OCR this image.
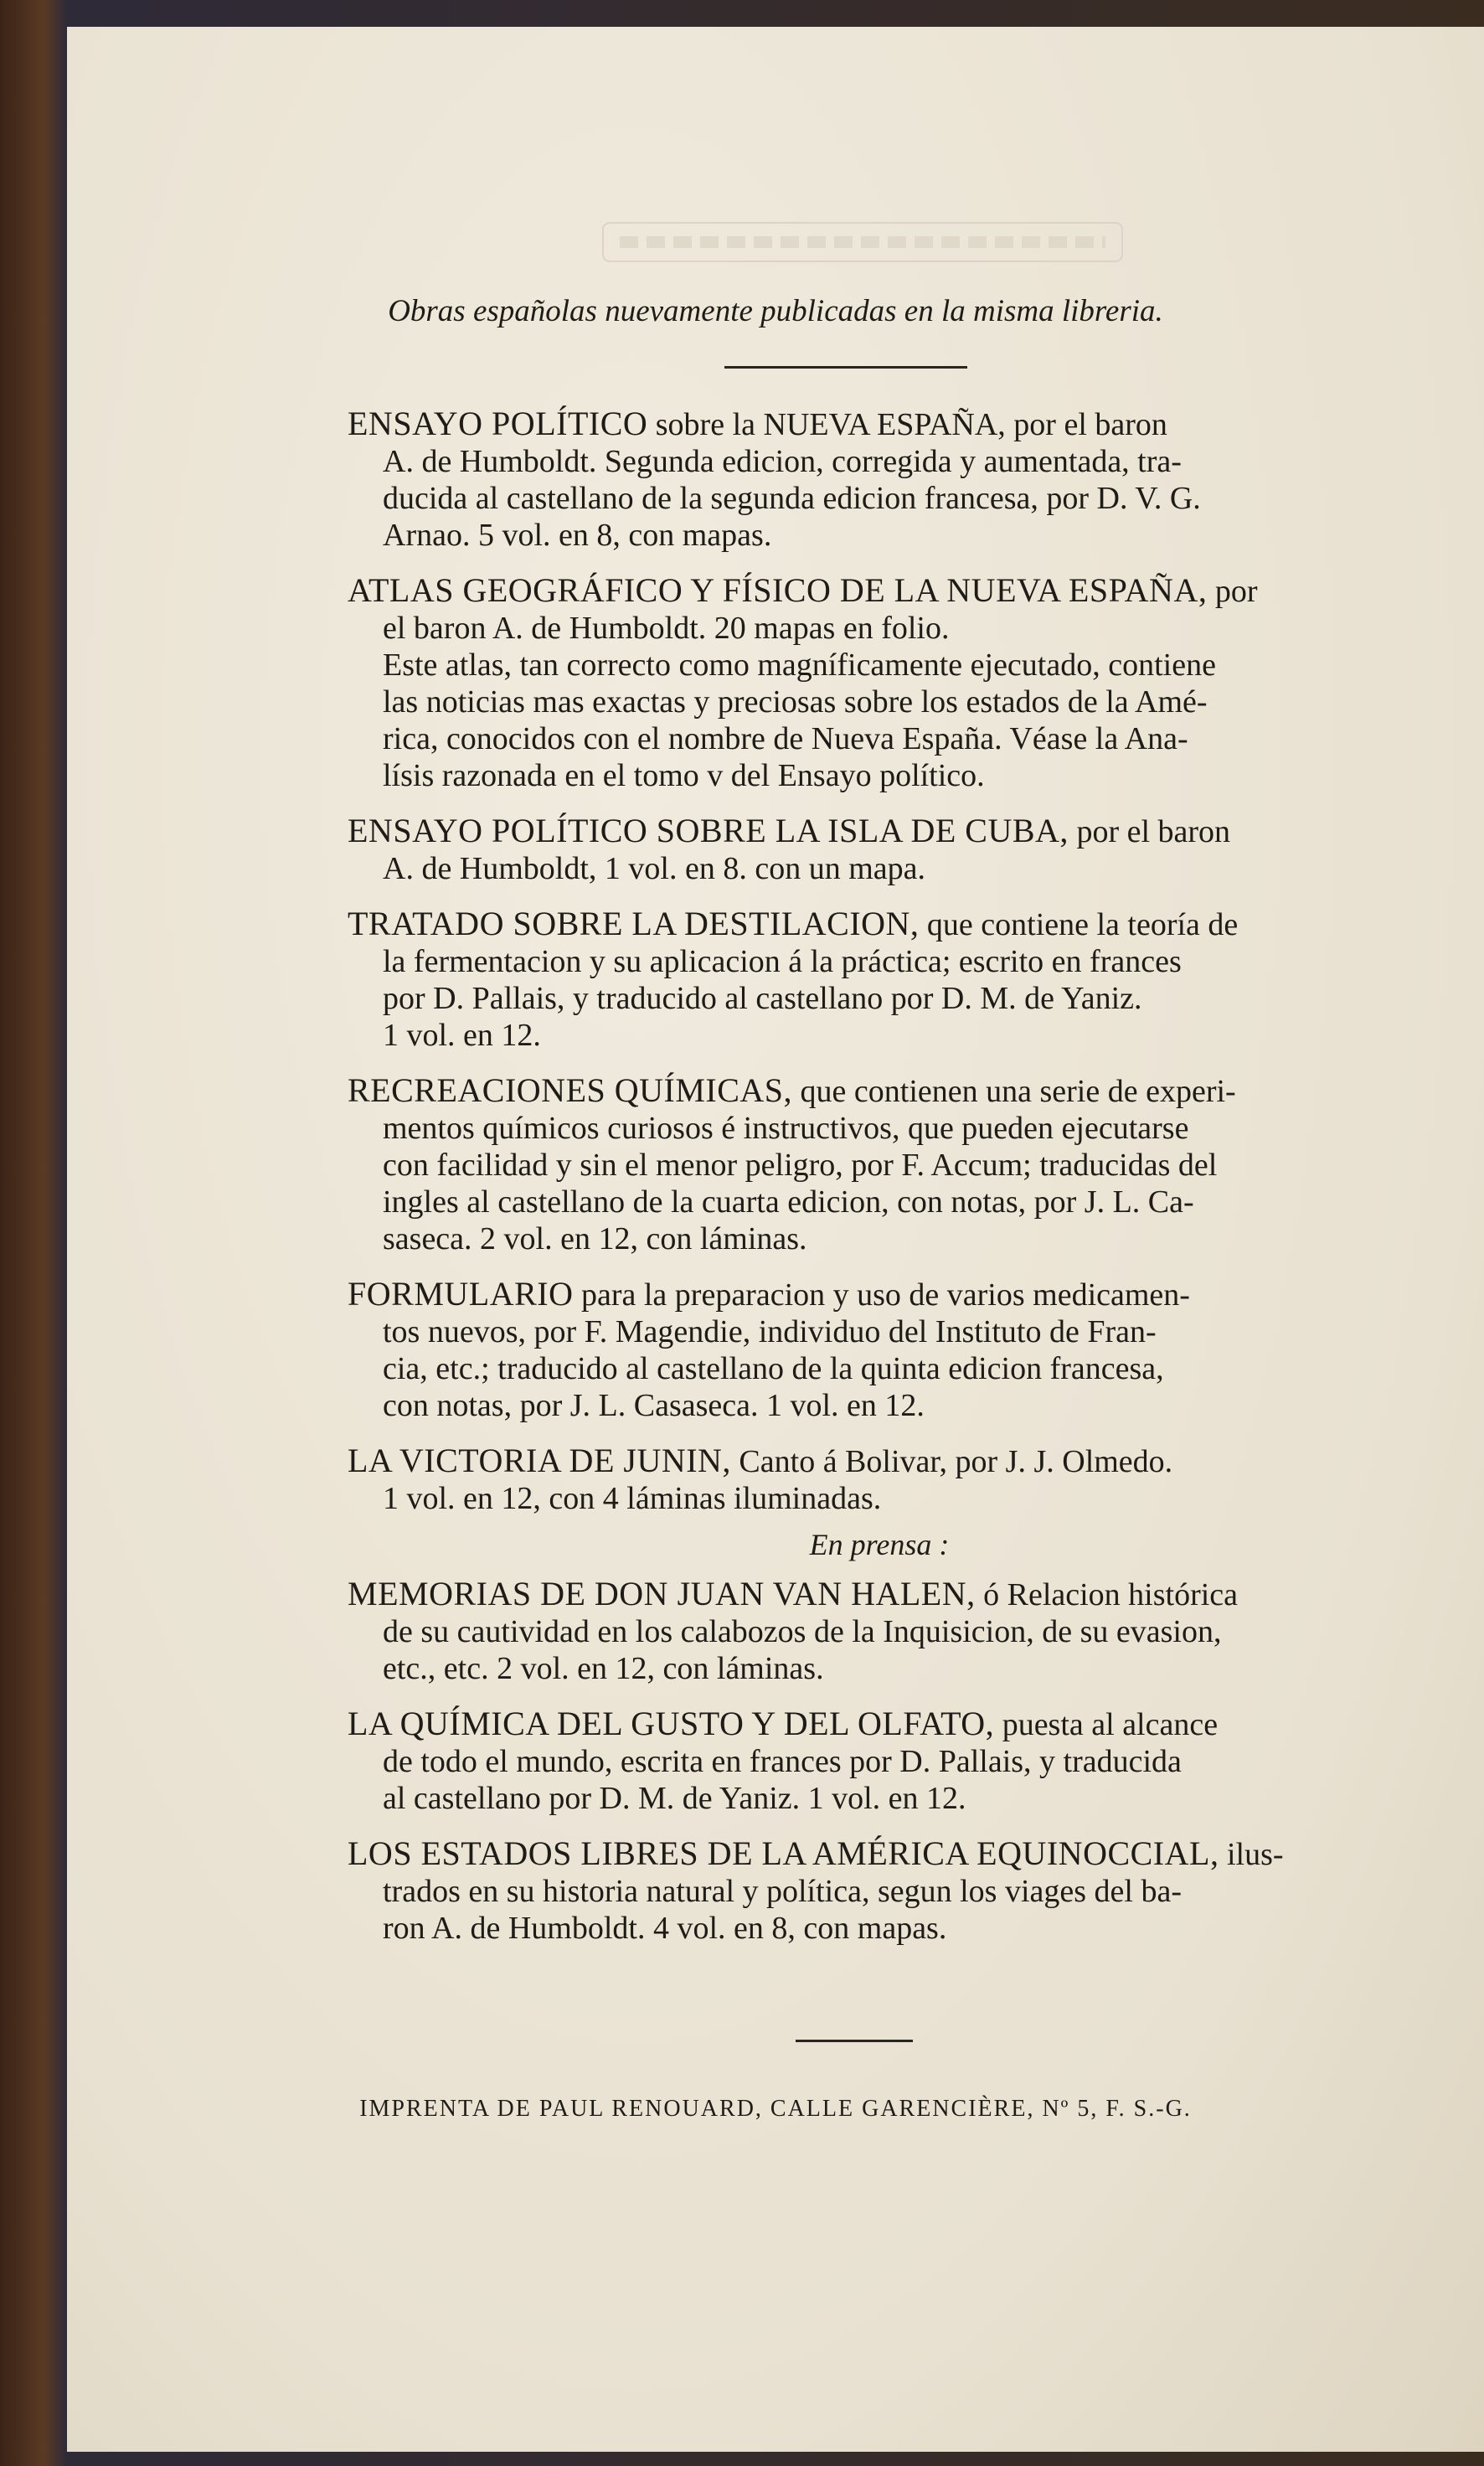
Obras españolas nuevamente publicadas en la misma libreria.
ENSAYO POLÍTICO sobre la NUEVA ESPAÑA, por el baron
A. de Humboldt. Segunda edicion, corregida y aumentada, tra-
ducida al castellano de la segunda edicion francesa, por D. V. G.
Arnao. 5 vol. en 8, con mapas.
ATLAS GEOGRÁFICO Y FÍSICO DE LA NUEVA ESPAÑA, por
el baron A. de Humboldt. 20 mapas en folio.
Este atlas, tan correcto como magníficamente ejecutado, contiene
las noticias mas exactas y preciosas sobre los estados de la Amé-
rica, conocidos con el nombre de Nueva España. Véase la Ana-
lísis razonada en el tomo v del Ensayo político.
ENSAYO POLÍTICO SOBRE LA ISLA DE CUBA, por el baron
A. de Humboldt, 1 vol. en 8. con un mapa.
TRATADO SOBRE LA DESTILACION, que contiene la teoría de
la fermentacion y su aplicacion á la práctica; escrito en frances
por D. Pallais, y traducido al castellano por D. M. de Yaniz.
1 vol. en 12.
RECREACIONES QUÍMICAS, que contienen una serie de experi-
mentos químicos curiosos é instructivos, que pueden ejecutarse
con facilidad y sin el menor peligro, por F. Accum; traducidas del
ingles al castellano de la cuarta edicion, con notas, por J. L. Ca-
saseca. 2 vol. en 12, con láminas.
FORMULARIO para la preparacion y uso de varios medicamen-
tos nuevos, por F. Magendie, individuo del Instituto de Fran-
cia, etc.; traducido al castellano de la quinta edicion francesa,
con notas, por J. L. Casaseca. 1 vol. en 12.
LA VICTORIA DE JUNIN, Canto á Bolivar, por J. J. Olmedo.
1 vol. en 12, con 4 láminas iluminadas.
En prensa :
MEMORIAS DE DON JUAN VAN HALEN, ó Relacion histórica
de su cautividad en los calabozos de la Inquisicion, de su evasion,
etc., etc. 2 vol. en 12, con láminas.
LA QUÍMICA DEL GUSTO Y DEL OLFATO, puesta al alcance
de todo el mundo, escrita en frances por D. Pallais, y traducida
al castellano por D. M. de Yaniz. 1 vol. en 12.
LOS ESTADOS LIBRES DE LA AMÉRICA EQUINOCCIAL, ilus-
trados en su historia natural y política, segun los viages del ba-
ron A. de Humboldt. 4 vol. en 8, con mapas.
IMPRENTA DE PAUL RENOUARD, CALLE GARENCIÈRE, Nº 5, F. S.-G.
